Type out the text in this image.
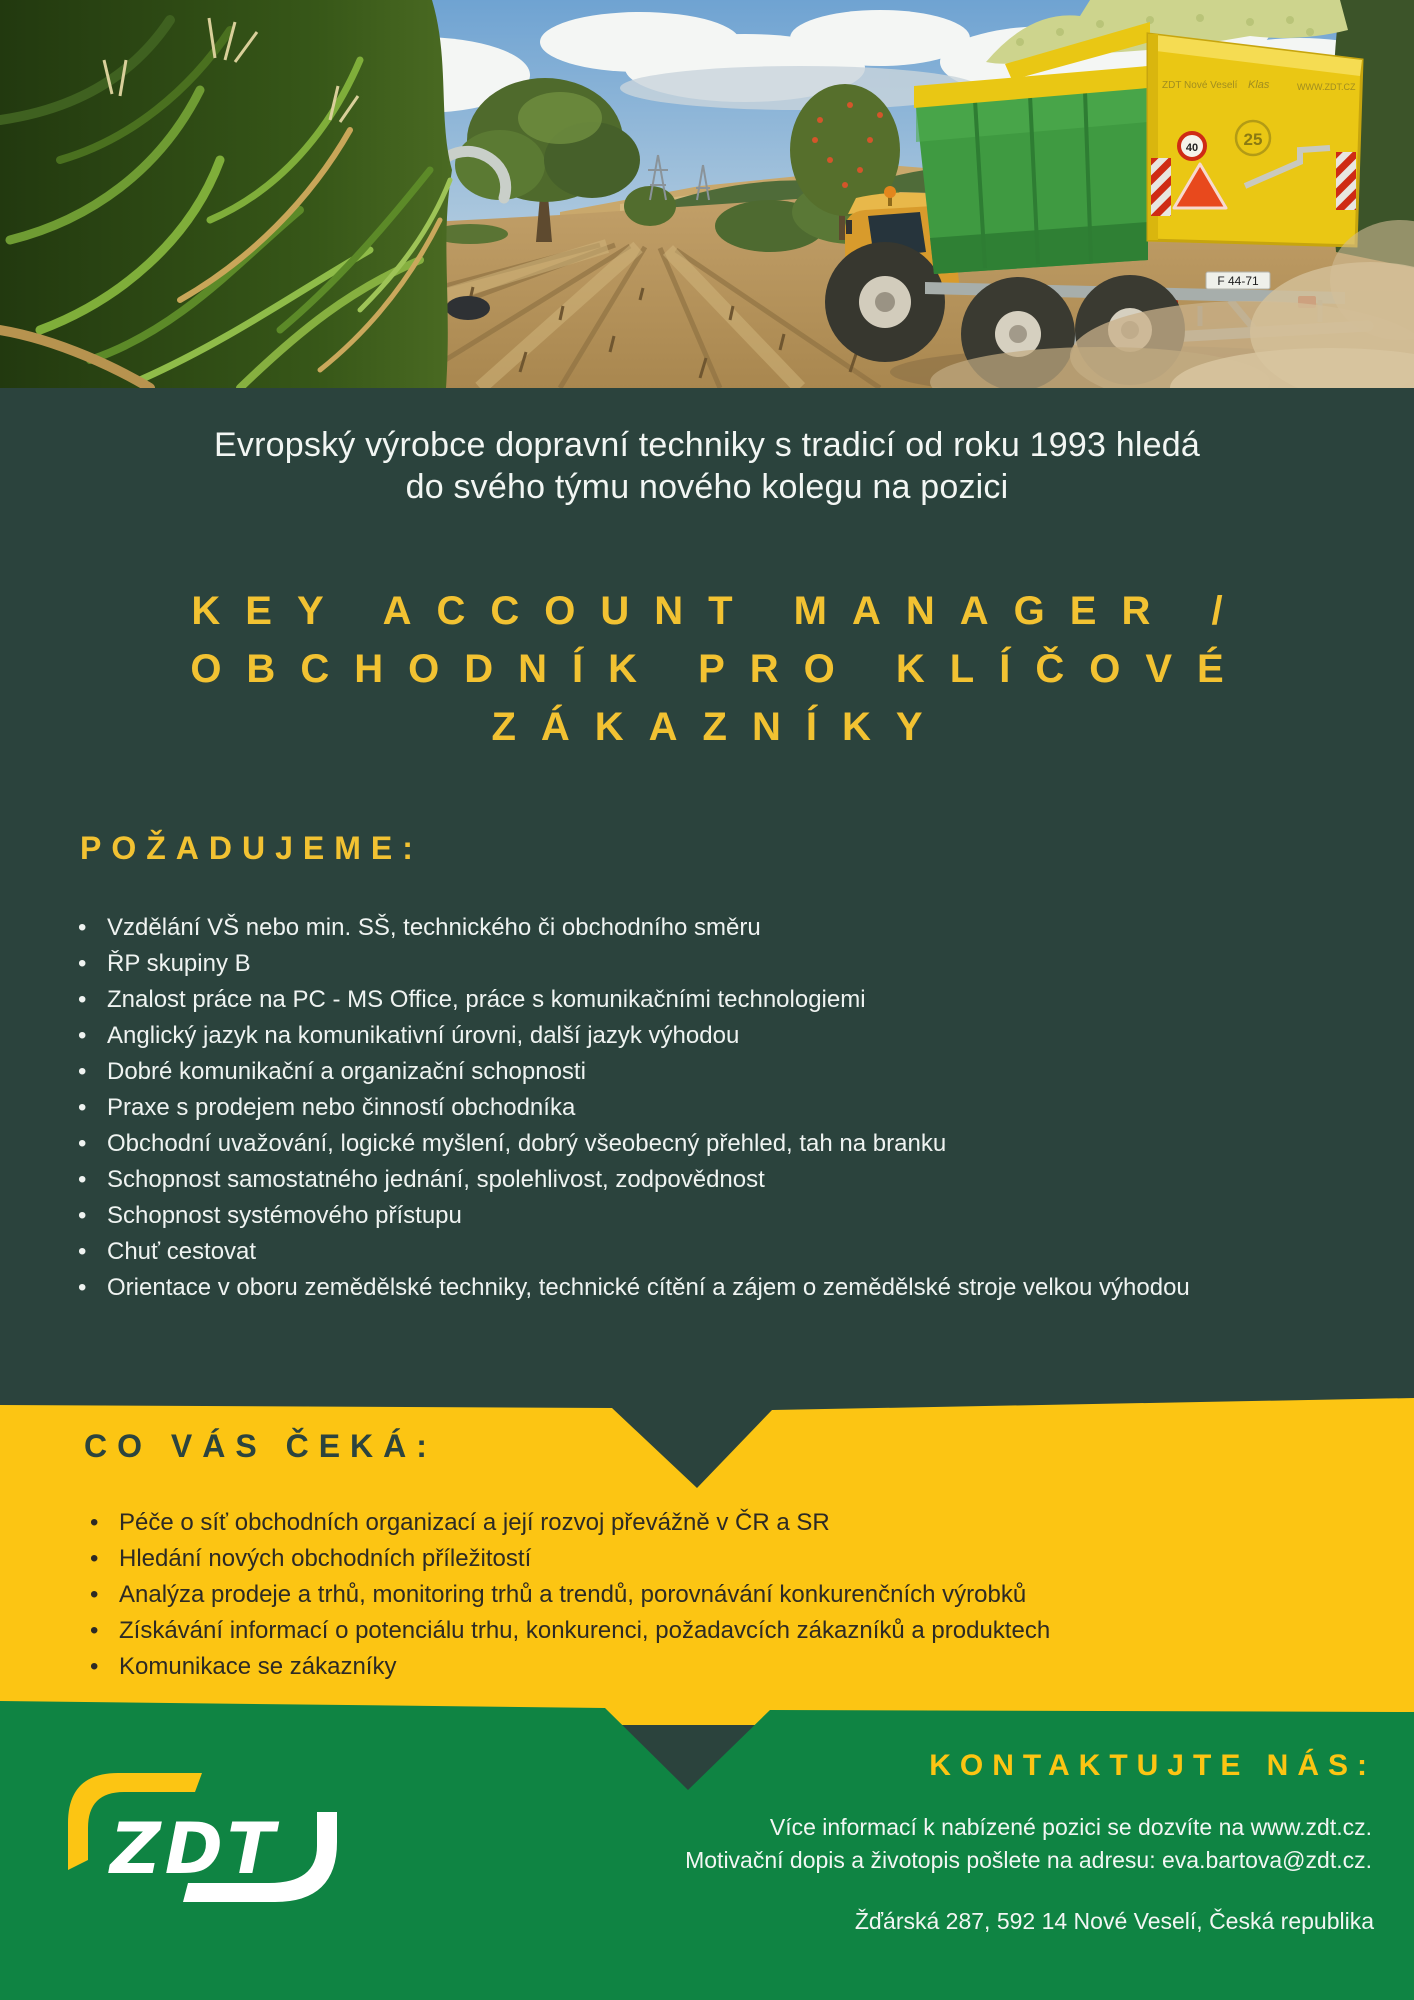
ZDT Nové Veselí Klas	WWW.ZDT.CZ
25
40
F 44-71
Evropský výrobce dopravní techniky s tradicí od roku 1993 hledá
do svého týmu nového kolegu na pozici
KEY ACCOUNT MANAGER /
OBCHODNÍK PRO KLÍČOVÉ
ZÁKAZNÍKY
POŽADUJEME:
• Vzdělání VŠ nebo min. SŠ, technického či obchodního směru
• ŘP skupiny B
• Znalost práce na PC - MS Office, práce s komunikačními technologiemi
• Anglický jazyk na komunikativní úrovni, další jazyk výhodou
• Dobré komunikační a organizační schopnosti
• Praxe s prodejem nebo činností obchodníka
• Obchodní uvažování, logické myšlení, dobrý všeobecný přehled, tah na branku
• Schopnost samostatného jednání, spolehlivost, zodpovědnost
• Schopnost systémového přístupu
• Chuť cestovat
• Orientace v oboru zemědělské techniky, technické cítění a zájem o zemědělské stroje velkou výhodou
CO VÁS ČEKÁ:
• Péče o síť obchodních organizací a její rozvoj převážně v ČR a SR
• Hledání nových obchodních příležitostí
• Analýza prodeje a trhů, monitoring trhů a trendů, porovnávání konkurenčních výrobků
• Získávání informací o potenciálu trhu, konkurenci, požadavcích zákazníků a produktech
• Komunikace se zákazníky
KONTAKTUJTE NÁS:
Více informací k nabízené pozici se dozvíte na www.zdt.cz.
Motivační dopis a životopis pošlete na adresu: eva.bartova@zdt.cz.
Žďárská 287, 592 14 Nové Veselí, Česká republika
ZDT
